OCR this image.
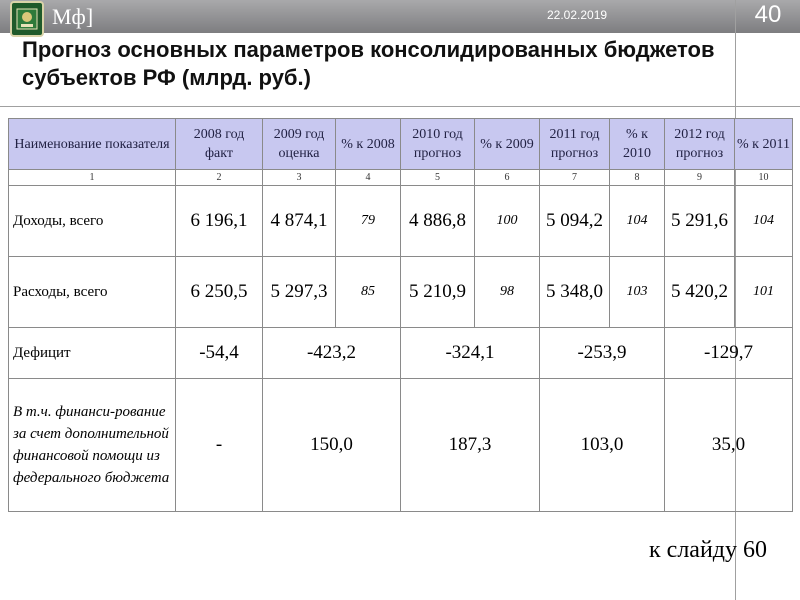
Мф]	22.02.2019	40
Прогноз основных параметров консолидированных бюджетов субъектов РФ (млрд. руб.)
Наименование показателя	2008 год факт	2009 год оценка	% к 2008	2010 год прогноз	% к 2009	2011 год прогноз	% к 2010	2012 год прогноз	% к 2011
1	2	3	4	5	6	7	8	9	10
Доходы, всего	6 196,1	4 874,1	79	4 886,8	100	5 094,2	104	5 291,6	104
Расходы, всего	6 250,5	5 297,3	85	5 210,9	98	5 348,0	103	5 420,2	101
Дефицит	-54,4	-423,2		-324,1		-253,9		-129,7	
В т.ч. финанси-рование за счет дополнительной финансовой помощи из федерального бюджета	-	150,0		187,3		103,0		35,0	
к слайду 60
